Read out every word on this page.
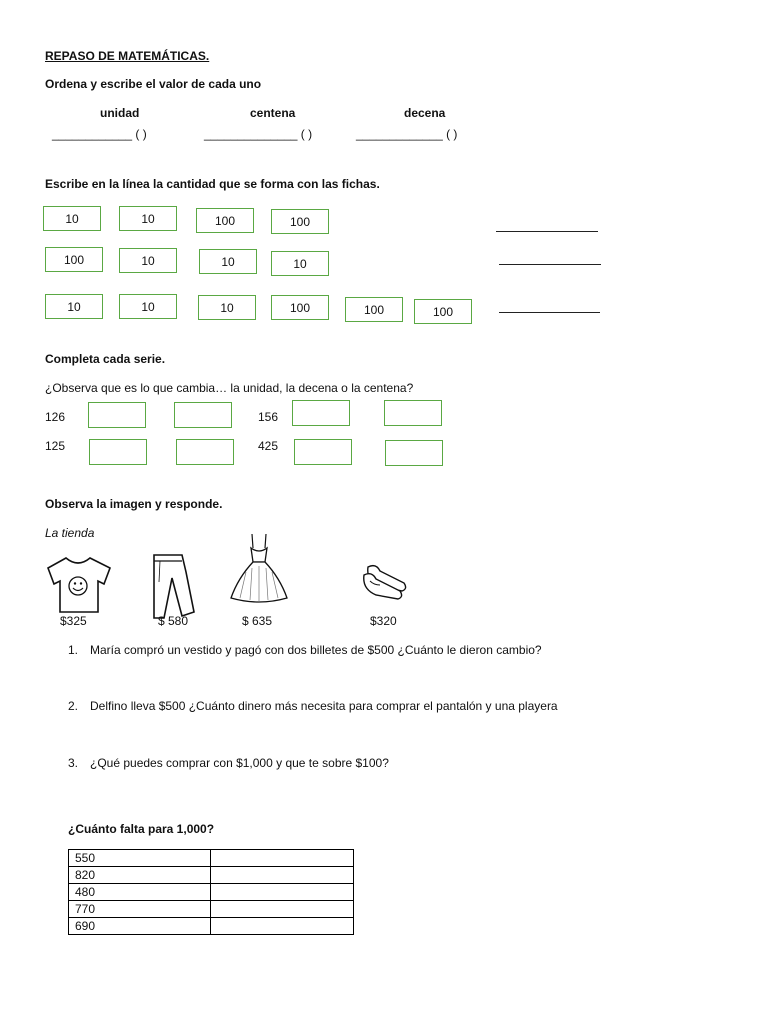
REPASO DE MATEMÁTICAS.
Ordena y escribe el valor de cada uno
unidad	centena	decena
____________ ( )	______________ ( )	_____________ ( )
Escribe en la línea la cantidad que se forma con las fichas.
10	10	100	100
100	10	10	10
10	10	10	100	100	100
Completa cada serie.
¿Observa que es lo que cambia… la unidad, la decena o la centena?
126	156
125	425
Observa la imagen y responde.
La tienda
$325	$ 580	$ 635	$320
1. María compró un vestido y pagó con dos billetes de $500 ¿Cuánto le dieron cambio?
2. Delfino lleva $500 ¿Cuánto dinero más necesita para comprar el pantalón y una playera
3. ¿Qué puedes comprar con $1,000 y que te sobre $100?
¿Cuánto falta para 1,000?
550	
820	
480	
770	
690	
